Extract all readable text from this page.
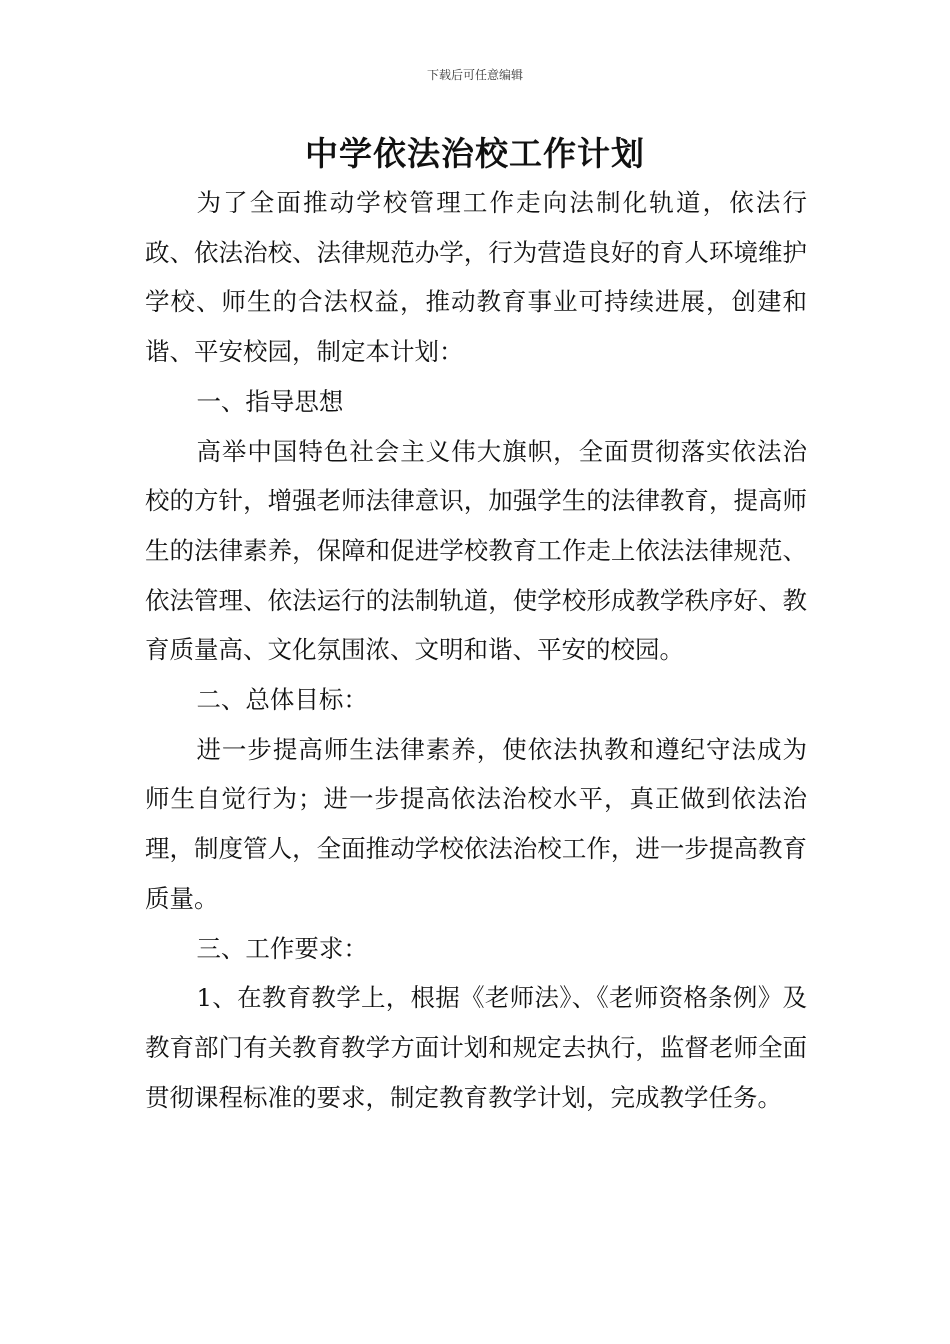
下载后可任意编辑
中学依法治校工作计划

为了全面推动学校管理工作走向法制化轨道，依法行政、依法治校、法律规范办学，行为营造良好的育人环境维护学校、师生的合法权益，推动教育事业可持续进展，创建和谐、平安校园，制定本计划：

一、指导思想

高举中国特色社会主义伟大旗帜，全面贯彻落实依法治校的方针，增强老师法律意识，加强学生的法律教育，提高师生的法律素养，保障和促进学校教育工作走上依法法律规范、依法管理、依法运行的法制轨道，使学校形成教学秩序好、教育质量高、文化氛围浓、文明和谐、平安的校园。

二、总体目标：

进一步提高师生法律素养，使依法执教和遵纪守法成为师生自觉行为；进一步提高依法治校水平，真正做到依法治理，制度管人，全面推动学校依法治校工作，进一步提高教育质量。

三、工作要求：

1、在教育教学上，根据《老师法》、《老师资格条例》及教育部门有关教育教学方面计划和规定去执行，监督老师全面贯彻课程标准的要求，制定教育教学计划，完成教学任务。
